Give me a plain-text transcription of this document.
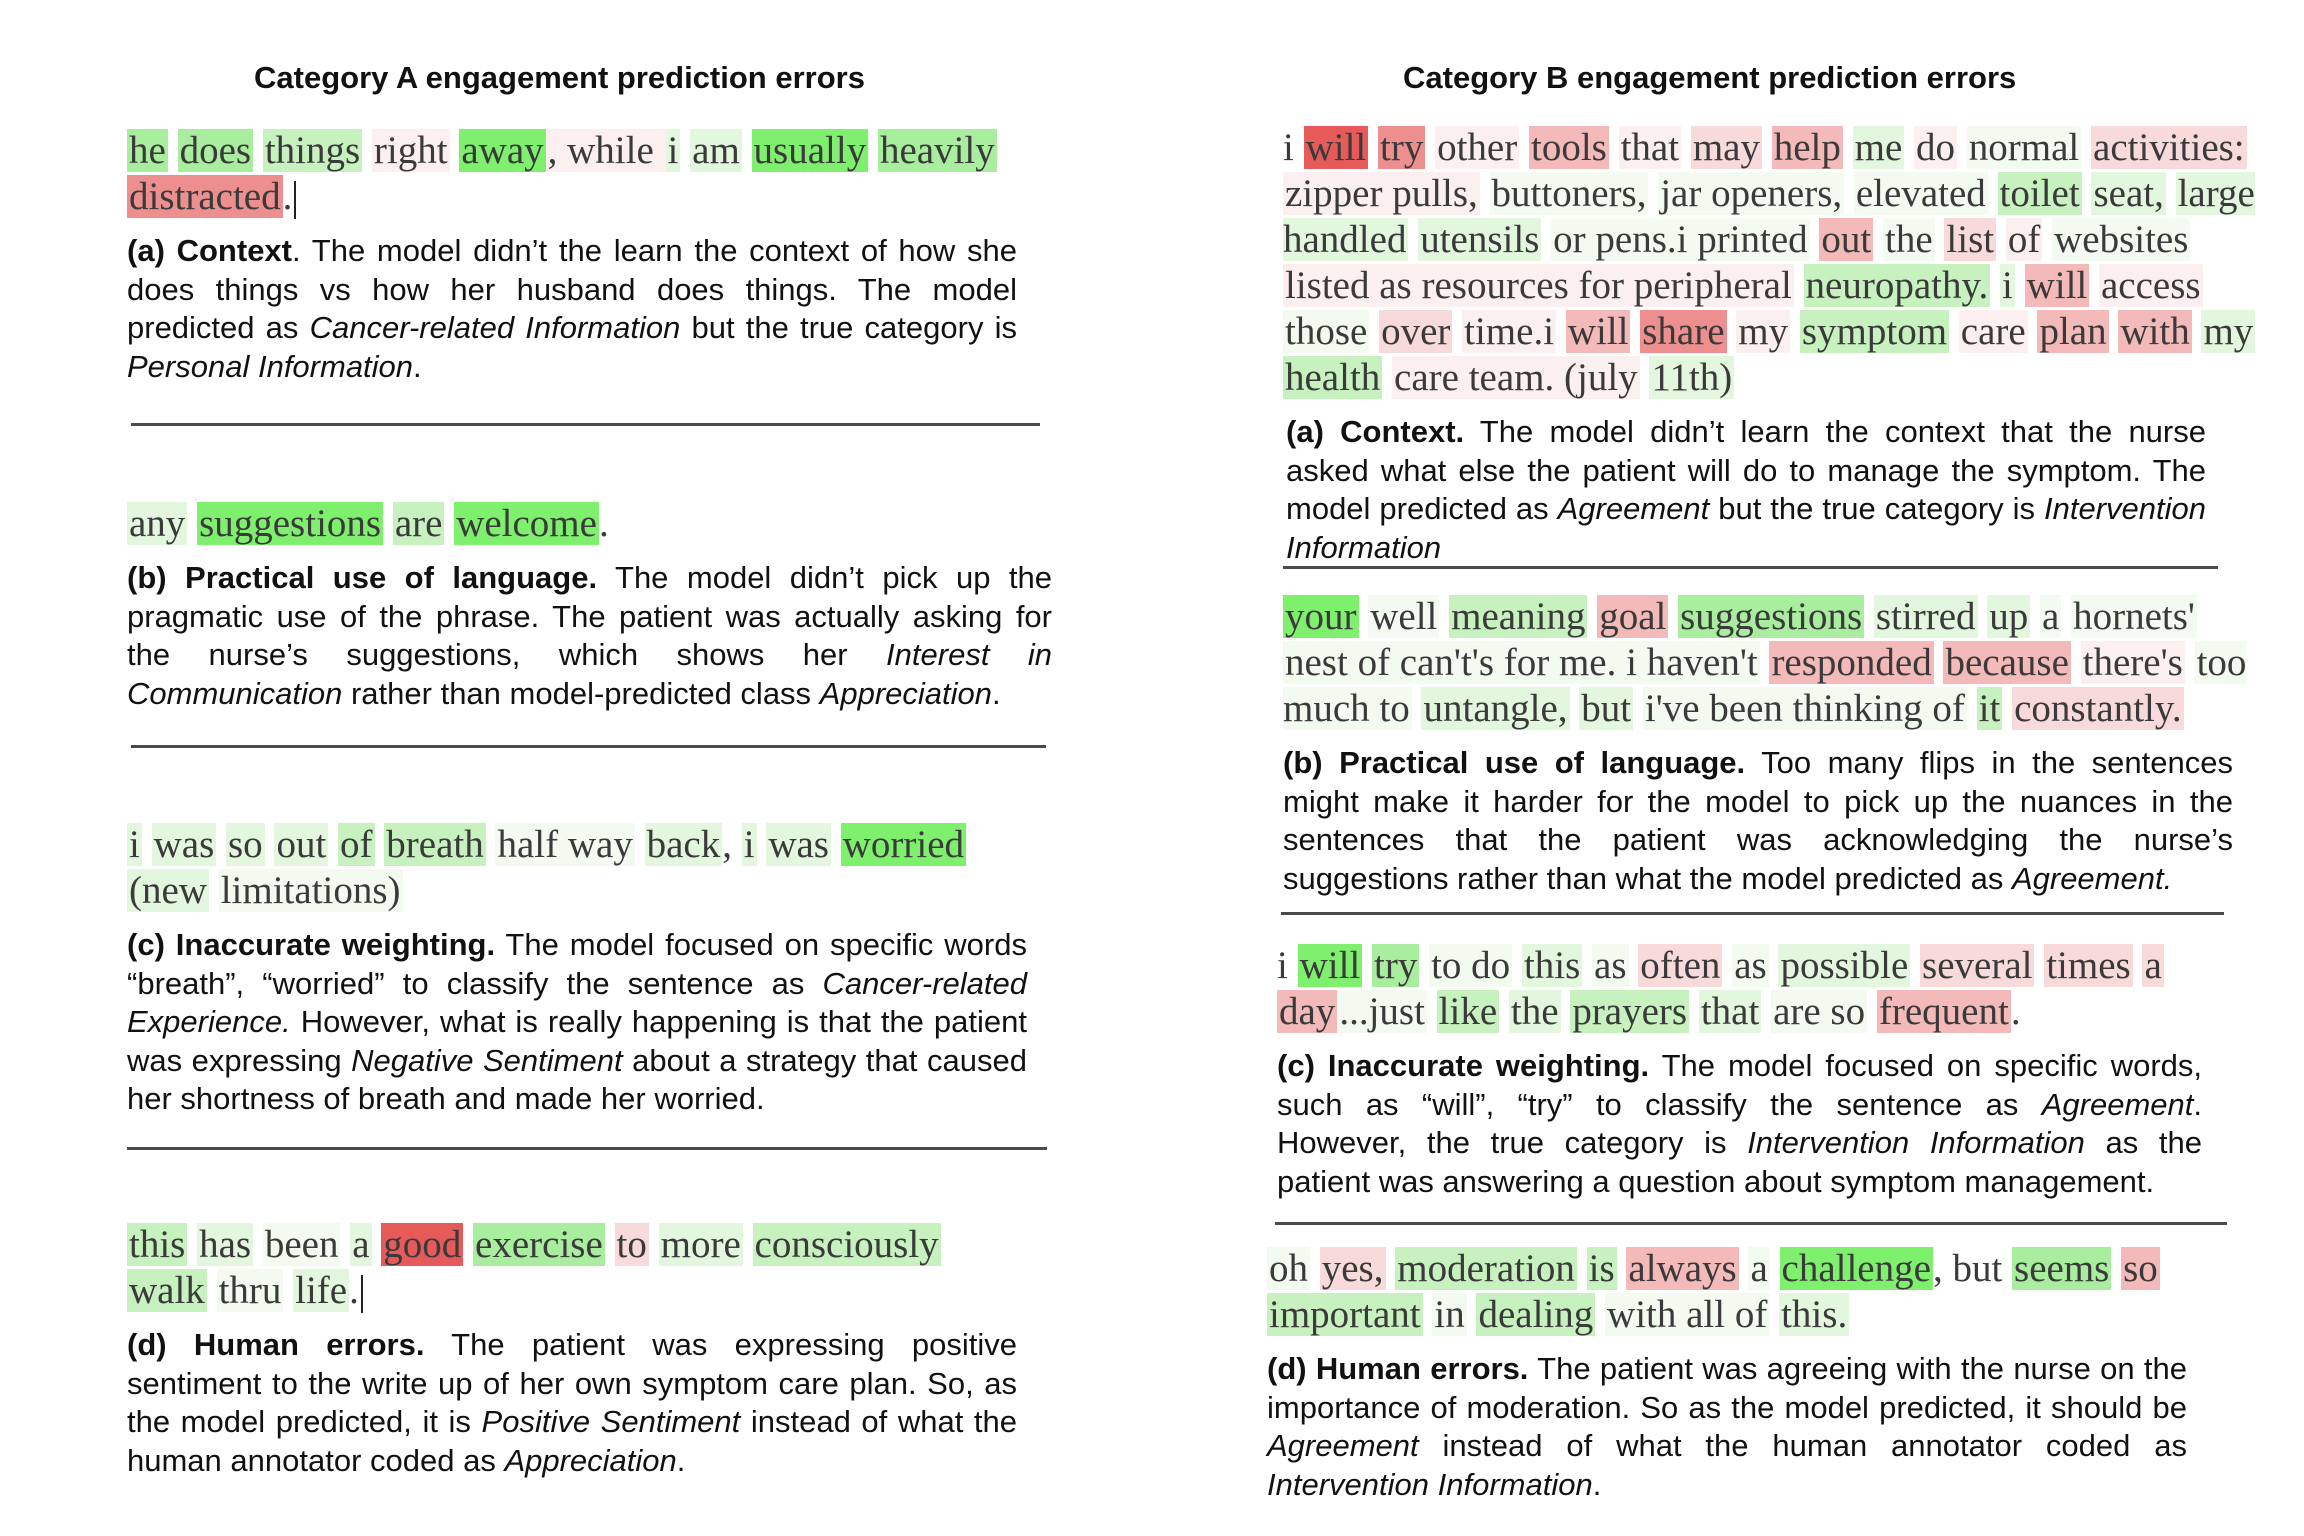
Category A engagement prediction errors	Category B engagement prediction errors

he does things right away , while i am usually heavily distracted.

(a) Context. The model didn’t the learn the context of how she does things vs how her husband does things. The model predicted as Cancer-related Information but the true category is Personal Information.

any suggestions are welcome.

(b) Practical use of language. The model didn’t pick up the pragmatic use of the phrase. The patient was actually asking for the nurse’s suggestions, which shows her Interest in Communication rather than model-predicted class Appreciation.

i was so out of breath half way back, i was worried (new limitations)

(c) Inaccurate weighting. The model focused on specific words “breath”, “worried” to classify the sentence as Cancer-related Experience. However, what is really happening is that the patient was expressing Negative Sentiment about a strategy that caused her shortness of breath and made her worried.

this has been a good exercise to more consciously walk thru life.

(d) Human errors. The patient was expressing positive sentiment to the write up of her own symptom care plan. So, as the model predicted, it is Positive Sentiment instead of what the human annotator coded as Appreciation.

i will try other tools that may help me do normal activities: zipper pulls, buttoners, jar openers, elevated toilet seat, large handled utensils or pens.i printed out the list of websites listed as resources for peripheral neuropathy. i will access those over time.i will share my symptom care plan with my health care team. (july 11th)

(a) Context. The model didn’t learn the context that the nurse asked what else the patient will do to manage the symptom. The model predicted as Agreement but the true category is Intervention Information

your well meaning goal suggestions stirred up a hornets' nest of can't's for me. i haven't responded because there's too much to untangle, but i've been thinking of it constantly.

(b) Practical use of language. Too many flips in the sentences might make it harder for the model to pick up the nuances in the sentences that the patient was acknowledging the nurse’s suggestions rather than what the model predicted as Agreement.

i will try to do this as often as possible several times a day ...just like the prayers that are so frequent.

(c) Inaccurate weighting. The model focused on specific words, such as “will”, “try” to classify the sentence as Agreement. However, the true category is Intervention Information as the patient was answering a question about symptom management.

oh yes, moderation is always a challenge, but seems so important in dealing with all of this.

(d) Human errors. The patient was agreeing with the nurse on the importance of moderation. So as the model predicted, it should be Agreement instead of what the human annotator coded as Intervention Information.
